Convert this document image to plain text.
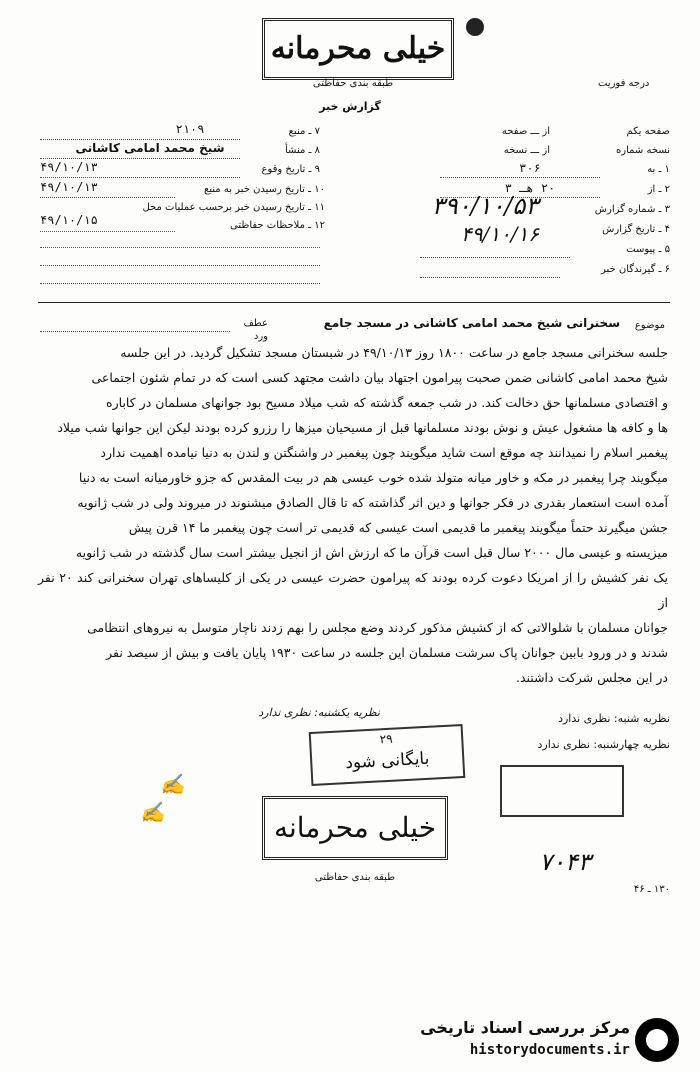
خیلی محرمانه
طبقه بندی حفاظتی	درجه فوریت
گزارش خبر
صفحه یکم
از ـــ صفحه
نسخه شماره
از ـــ نسخه
۱ ـ به
۳۰۶
۲ ـ از
۲۰ هـ ۳
۳ ـ شماره گزارش
۳۹۰/۱۰/۵۳
۴ ـ تاریخ گزارش
۴۹/۱۰/۱۶
۵ ـ پیوست
۶ ـ گیرندگان خبر
۷ ـ منبع
۲۱۰۹
۸ ـ منشأ
شیخ محمد امامی کاشانی
۹ ـ تاریخ وقوع
۴۹/۱۰/۱۳
۱۰ ـ تاریخ رسیدن خبر به منبع
۴۹/۱۰/۱۳
۱۱ ـ تاریخ رسیدن خبر برحسب عملیات محل
۴۹/۱۰/۱۵	۱۲ ـ ملاحظات حفاظتی
موضوع
سخنرانی شیخ محمد امامی کاشانی در مسجد جامع
عطف
ورد

جلسه سخنرانی مسجد جامع در ساعت ۱۸۰۰ روز ۴۹/۱۰/۱۳ در شبستان مسجد تشکیل گردید. در این جلسه

شیخ محمد امامی کاشانی ضمن صحبت پیرامون اجتهاد بیان داشت مجتهد کسی است که در تمام شئون اجتماعی

و اقتصادی مسلمانها حق دخالت کند. در شب جمعه گذشته که شب میلاد مسیح بود جوانهای مسلمان در کاباره

ها و کافه ها مشغول عیش و نوش بودند مسلمانها قبل از مسیحیان میزها را رزرو کرده بودند لیکن این جوانها شب میلاد

پیغمبر اسلام را نمیدانند چه موقع است شاید میگویند چون پیغمبر در واشنگتن و لندن به دنیا نیامده اهمیت ندارد

میگویند چرا پیغمبر در مکه و خاور میانه متولد شده خوب عیسی هم در بیت المقدس که جزو خاورمیانه است به دنیا

آمده است استعمار بقدری در فکر جوانها و دین اثر گذاشته که تا قال الصادق میشنوند در میروند ولی در شب ژانویه

جشن میگیرند حتماً میگویند پیغمبر ما قدیمی است عیسی که قدیمی تر است چون پیغمبر ما ۱۴ قرن پیش

میزیسته و عیسی مال ۲۰۰۰ سال قبل است قرآن ما که ارزش اش از انجیل بیشتر است سال گذشته در شب ژانویه

یک نفر کشیش را از امریکا دعوت کرده بودند که پیرامون حضرت عیسی در یکی از کلیساهای تهران سخنرانی کند ۲۰ نفر از

جوانان مسلمان با شلوالاتی که از کشیش مذکور کردند وضع مجلس را بهم زدند ناچار متوسل به نیروهای انتظامی

شدند و در ورود بابین جوانان پاک سرشت مسلمان این جلسه در ساعت ۱۹۳۰ پایان یافت و بیش از سیصد نفر

در این مجلس شرکت داشتند.

نظریه شنبه: نظری ندارد
نظریه یکشنبه: نظری ندارد
نظریه چهارشنبه: نظری ندارد
۲۹
بایگانی شود
✍
✍	خیلی محرمانه
طبقه بندی حفاظتی
۷۰۴۳
۱۳۰ ـ ۴۶
مرکز بررسی اسناد تاریخی
historydocuments.ir
